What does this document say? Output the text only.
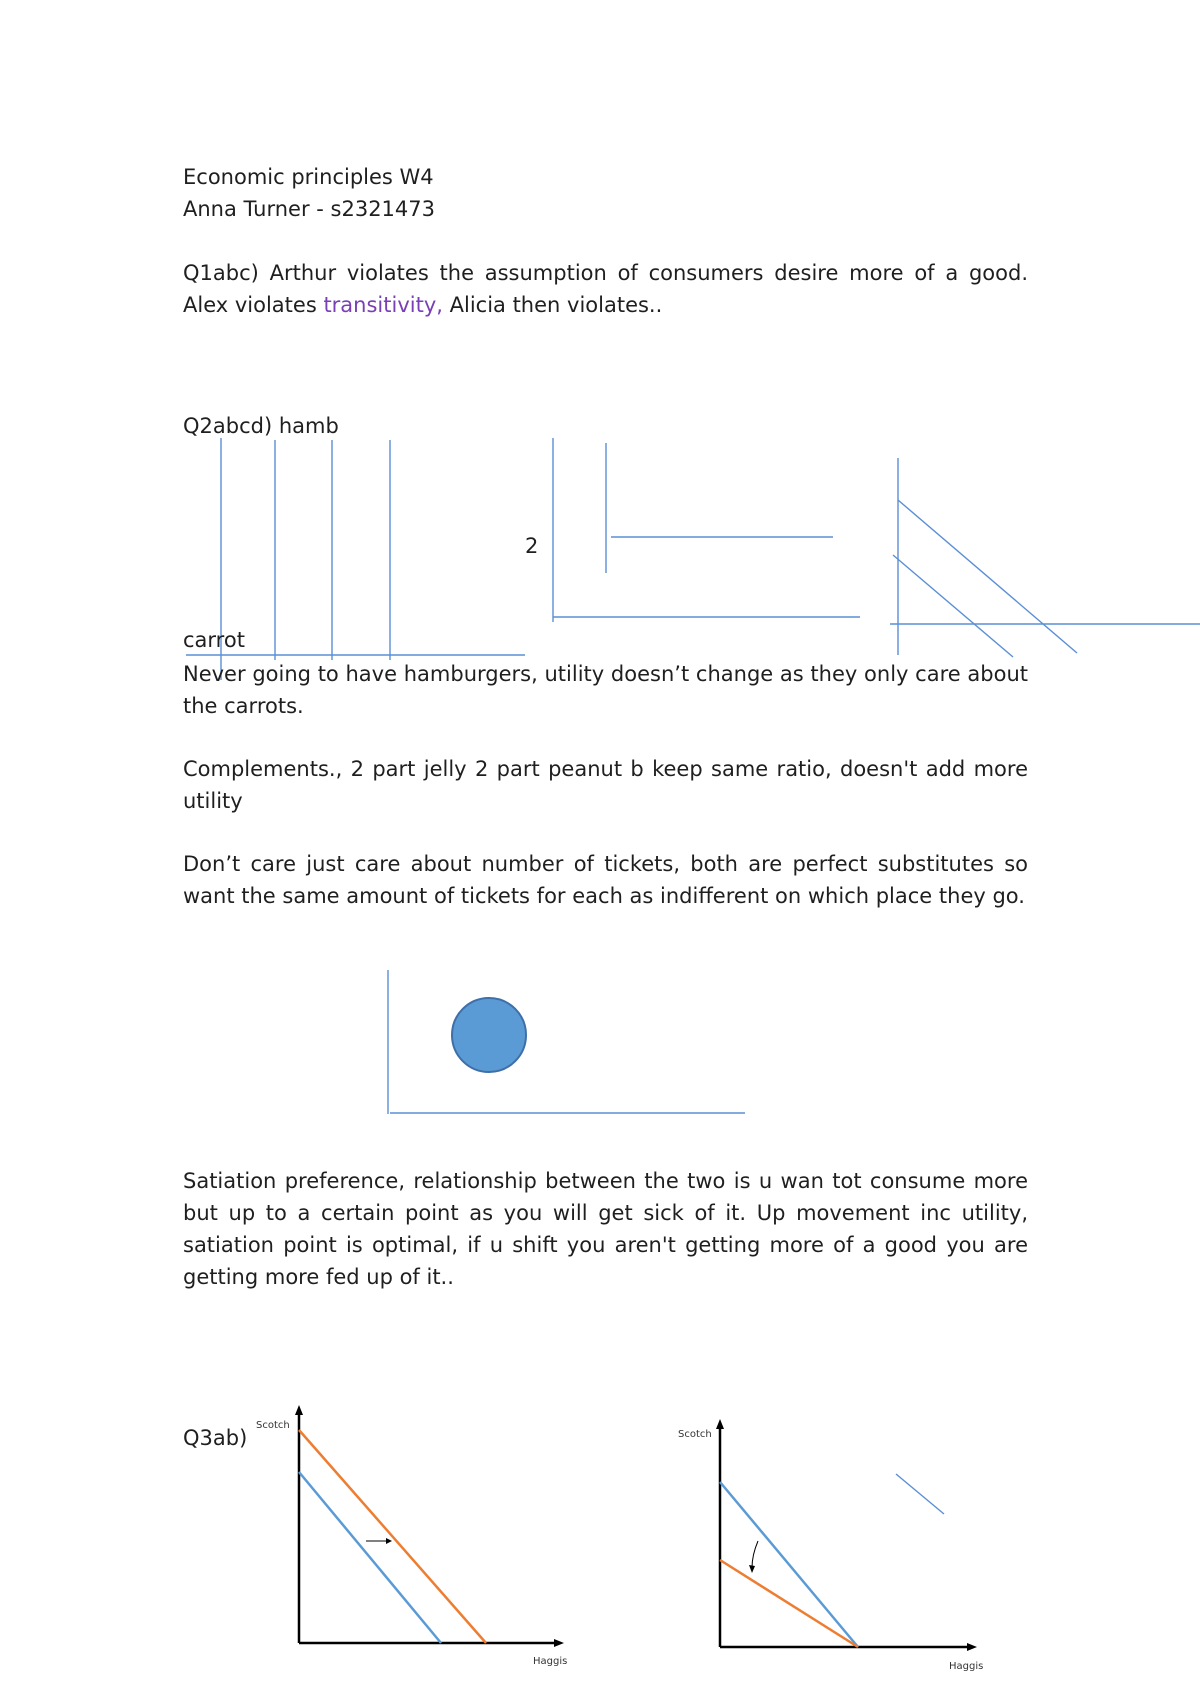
Economic principles W4
Anna Turner - s2321473
Q1abc) Arthur violates the assumption of consumers desire more of a good. Alex violates transitivity, Alicia then violates..
Q2abcd) hamb
2
carrot
Never going to have hamburgers, utility doesn’t change as they only care about the carrots.
Complements., 2 part jelly 2 part peanut b keep same ratio, doesn't add more utility
Don’t care just care about number of tickets, both are perfect substitutes so want the same amount of tickets for each as indifferent on which place they go.
Satiation preference, relationship between the two is u wan tot consume more but up to a certain point as you will get sick of it. Up movement inc utility, satiation point is optimal, if u shift you aren't getting more of a good you are getting more fed up of it..
Q3ab)
Scotch
Haggis
Scotch
Haggis
